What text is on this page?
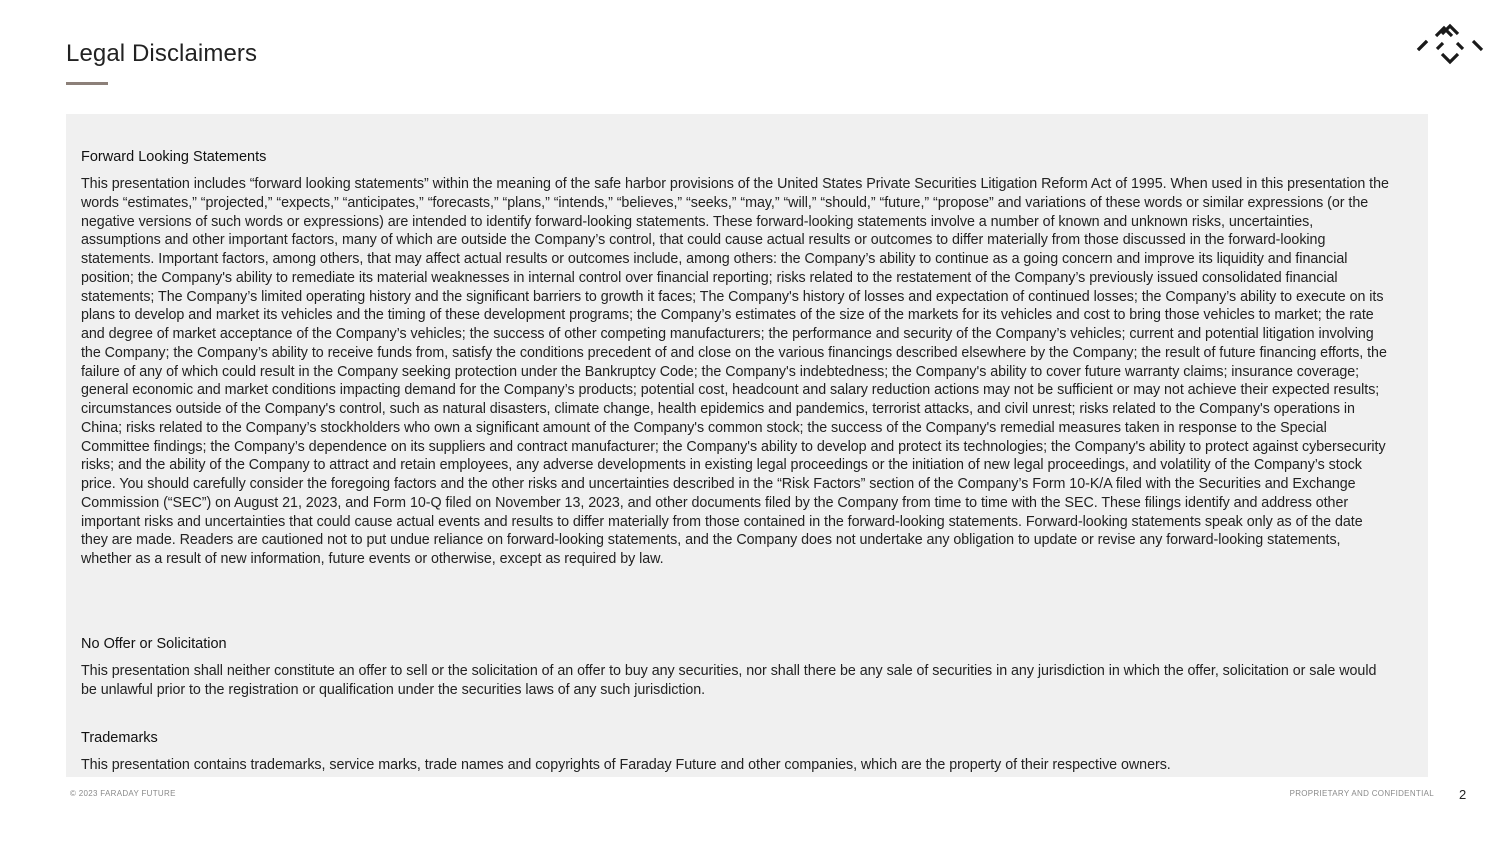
Legal Disclaimers

Forward Looking Statements

This presentation includes “forward looking statements” within the meaning of the safe harbor provisions of the United States Private Securities Litigation Reform Act of 1995. When used in this presentation the words “estimates,” “projected,” “expects,” “anticipates,” “forecasts,” “plans,” “intends,” “believes,” “seeks,” “may,” “will,” “should,” “future,” “propose” and variations of these words or similar expressions (or the negative versions of such words or expressions) are intended to identify forward-looking statements. These forward-looking statements involve a number of known and unknown risks, uncertainties, assumptions and other important factors, many of which are outside the Company’s control, that could cause actual results or outcomes to differ materially from those discussed in the forward-looking statements. Important factors, among others, that may affect actual results or outcomes include, among others: the Company’s ability to continue as a going concern and improve its liquidity and financial position; the Company's ability to remediate its material weaknesses in internal control over financial reporting; risks related to the restatement of the Company’s previously issued consolidated financial statements; The Company’s limited operating history and the significant barriers to growth it faces; The Company's history of losses and expectation of continued losses; the Company’s ability to execute on its plans to develop and market its vehicles and the timing of these development programs; the Company’s estimates of the size of the markets for its vehicles and cost to bring those vehicles to market; the rate and degree of market acceptance of the Company’s vehicles; the success of other competing manufacturers; the performance and security of the Company’s vehicles; current and potential litigation involving the Company; the Company’s ability to receive funds from, satisfy the conditions precedent of and close on the various financings described elsewhere by the Company; the result of future financing efforts, the failure of any of which could result in the Company seeking protection under the Bankruptcy Code; the Company's indebtedness; the Company's ability to cover future warranty claims; insurance coverage; general economic and market conditions impacting demand for the Company’s products; potential cost, headcount and salary reduction actions may not be sufficient or may not achieve their expected results; circumstances outside of the Company's control, such as natural disasters, climate change, health epidemics and pandemics, terrorist attacks, and civil unrest; risks related to the Company's operations in China; risks related to the Company’s stockholders who own a significant amount of the Company's common stock; the success of the Company's remedial measures taken in response to the Special Committee findings; the Company’s dependence on its suppliers and contract manufacturer; the Company's ability to develop and protect its technologies; the Company's ability to protect against cybersecurity risks; and the ability of the Company to attract and retain employees, any adverse developments in existing legal proceedings or the initiation of new legal proceedings, and volatility of the Company’s stock price. You should carefully consider the foregoing factors and the other risks and uncertainties described in the “Risk Factors” section of the Company’s Form 10-K/A filed with the Securities and Exchange Commission (“SEC”) on August 21, 2023, and Form 10-Q filed on November 13, 2023, and other documents filed by the Company from time to time with the SEC. These filings identify and address other important risks and uncertainties that could cause actual events and results to differ materially from those contained in the forward-looking statements. Forward-looking statements speak only as of the date they are made. Readers are cautioned not to put undue reliance on forward-looking statements, and the Company does not undertake any obligation to update or revise any forward-looking statements, whether as a result of new information, future events or otherwise, except as required by law.

No Offer or Solicitation

This presentation shall neither constitute an offer to sell or the solicitation of an offer to buy any securities, nor shall there be any sale of securities in any jurisdiction in which the offer, solicitation or sale would be unlawful prior to the registration or qualification under the securities laws of any such jurisdiction.

Trademarks

This presentation contains trademarks, service marks, trade names and copyrights of Faraday Future and other companies, which are the property of their respective owners.

© 2023 FARADAY FUTURE	PROPRIETARY AND CONFIDENTIAL 2
